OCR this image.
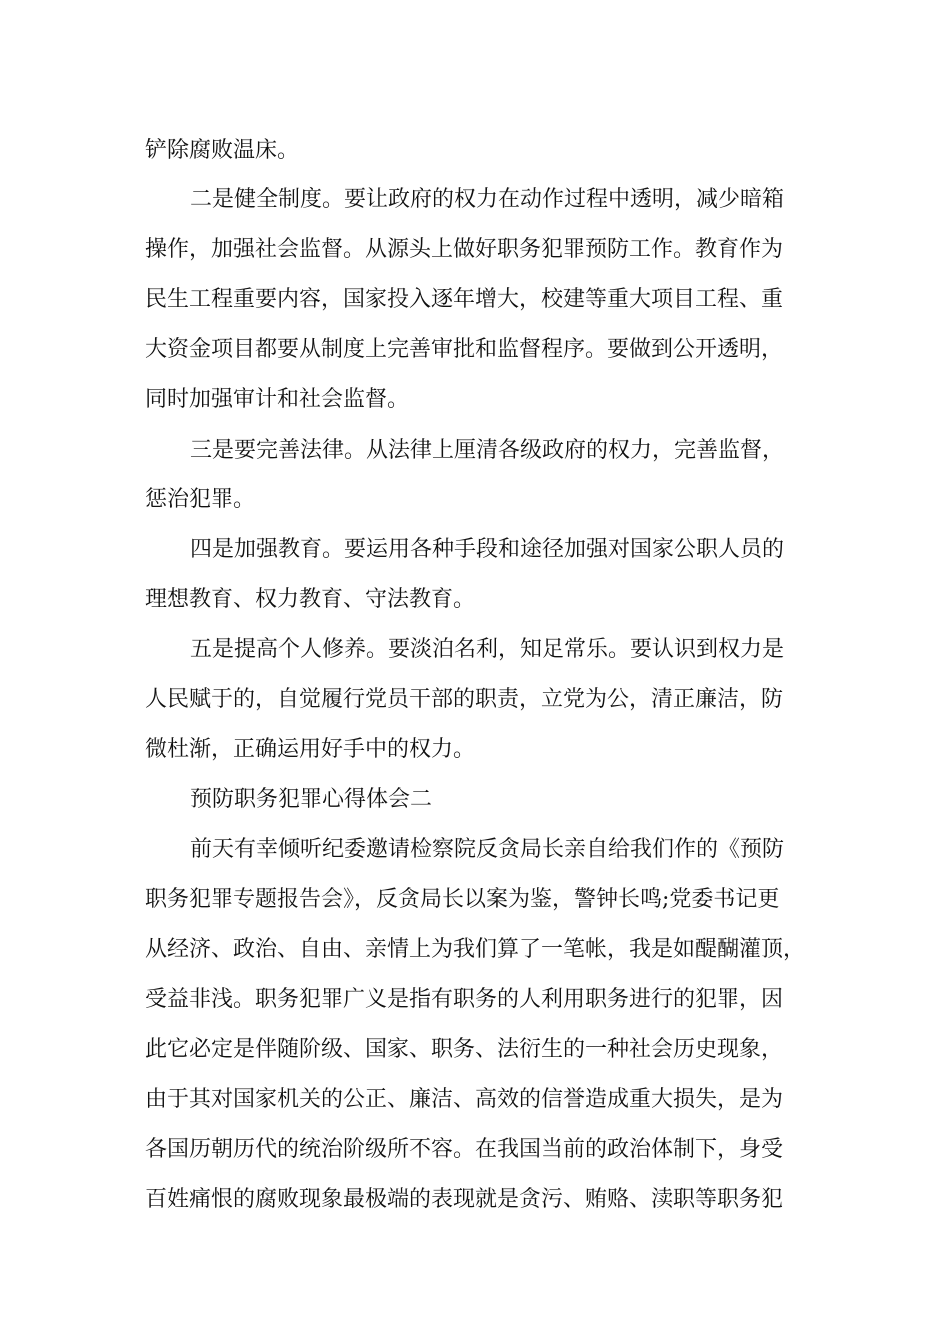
铲除腐败温床。

二是健全制度。要让政府的权力在动作过程中透明，减少暗箱

操作，加强社会监督。从源头上做好职务犯罪预防工作。教育作为

民生工程重要内容，国家投入逐年增大，校建等重大项目工程、重

大资金项目都要从制度上完善审批和监督程序。要做到公开透明，

同时加强审计和社会监督。

三是要完善法律。从法律上厘清各级政府的权力，完善监督，

惩治犯罪。

四是加强教育。要运用各种手段和途径加强对国家公职人员的

理想教育、权力教育、守法教育。

五是提高个人修养。要淡泊名利，知足常乐。要认识到权力是

人民赋于的，自觉履行党员干部的职责，立党为公，清正廉洁，防

微杜渐，正确运用好手中的权力。

预防职务犯罪心得体会二

前天有幸倾听纪委邀请检察院反贪局长亲自给我们作的《预防

职务犯罪专题报告会》，反贪局长以案为鉴，警钟长鸣;党委书记更

从经济、政治、自由、亲情上为我们算了一笔帐，我是如醍醐灌顶，

受益非浅。职务犯罪广义是指有职务的人利用职务进行的犯罪，因

此它必定是伴随阶级、国家、职务、法衍生的一种社会历史现象，

由于其对国家机关的公正、廉洁、高效的信誉造成重大损失，是为

各国历朝历代的统治阶级所不容。在我国当前的政治体制下，身受

百姓痛恨的腐败现象最极端的表现就是贪污、贿赂、渎职等职务犯
